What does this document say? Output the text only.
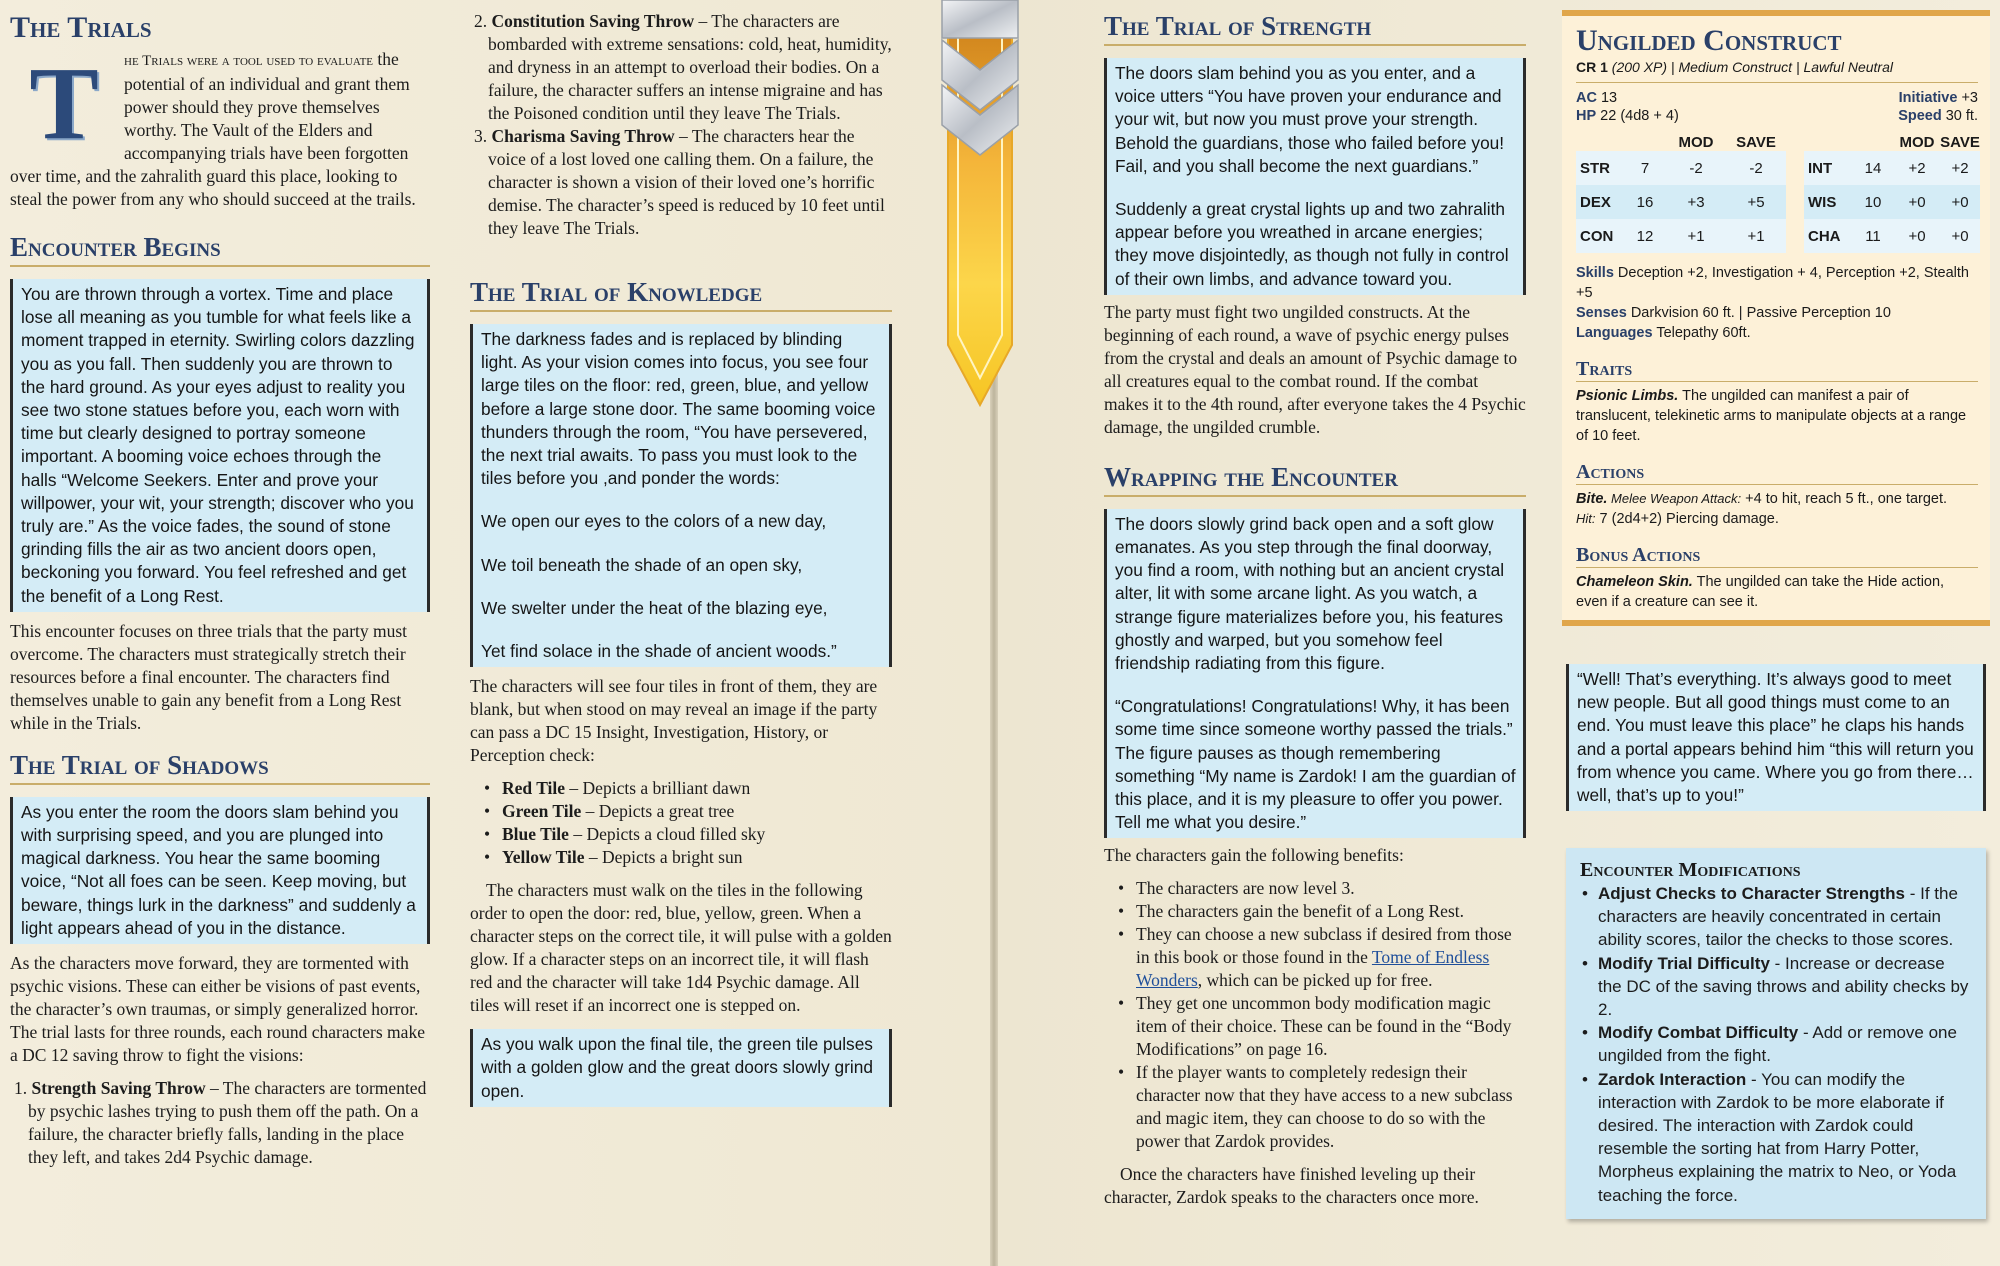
The Trials
T	he Trials were a tool used to evaluate the potential of an individual and grant them power should they prove themselves worthy. The Vault of the Elders and accompanying trials have been forgotten over time, and the zahralith guard this place, looking to steal the power from any who should succeed at the trails.
Encounter Begins

You are thrown through a vortex. Time and place lose all meaning as you tumble for what feels like a moment trapped in eternity. Swirling colors dazzling you as you fall. Then suddenly you are thrown to the hard ground. As your eyes adjust to reality you see two stone statues before you, each worn with time but clearly designed to portray someone important. A booming voice echoes through the halls “Welcome Seekers. Enter and prove your willpower, your wit, your strength; discover who you truly are.” As the voice fades, the sound of stone grinding fills the air as two ancient doors open, beckoning you forward. You feel refreshed and get the benefit of a Long Rest.

This encounter focuses on three trials that the party must overcome. The characters must strategically stretch their resources before a final encounter. The characters find themselves unable to gain any benefit from a Long Rest while in the Trials.

The Trial of Shadows

As you enter the room the doors slam behind you with surprising speed, and you are plunged into magical darkness. You hear the same booming voice, “Not all foes can be seen. Keep moving, but beware, things lurk in the darkness” and suddenly a light appears ahead of you in the distance.

As the characters move forward, they are tormented with psychic visions. These can either be visions of past events, the character’s own traumas, or simply generalized horror. The trial lasts for three rounds, each round characters make a DC 12 saving throw to fight the visions:

1. Strength Saving Throw – The characters are tormented by psychic lashes trying to push them off the path. On a failure, the character briefly falls, landing in the place they left, and takes 2d4 Psychic damage.
2. Constitution Saving Throw – The characters are bombarded with extreme sensations: cold, heat, humidity, and dryness in an attempt to overload their bodies. On a failure, the character suffers an intense migraine and has the Poisoned condition until they leave The Trials.
3. Charisma Saving Throw – The characters hear the voice of a lost loved one calling them. On a failure, the character is shown a vision of their loved one’s horrific demise. The character’s speed is reduced by 10 feet until they leave The Trials.
The Trial of Knowledge

The darkness fades and is replaced by blinding light. As your vision comes into focus, you see four large tiles on the floor: red, green, blue, and yellow before a large stone door. The same booming voice thunders through the room, “You have persevered, the next trial awaits. To pass you must look to the tiles before you ,and ponder the words:

We open our eyes to the colors of a new day,

We toil beneath the shade of an open sky,

We swelter under the heat of the blazing eye,

Yet find solace in the shade of ancient woods.”

The characters will see four tiles in front of them, they are blank, but when stood on may reveal an image if the party can pass a DC 15 Insight, Investigation, History, or Perception check:

• Red Tile – Depicts a brilliant dawn
• Green Tile – Depicts a great tree
• Blue Tile – Depicts a cloud filled sky
• Yellow Tile – Depicts a bright sun

The characters must walk on the tiles in the following order to open the door: red, blue, yellow, green. When a character steps on the correct tile, it will pulse with a golden glow. If a character steps on an incorrect tile, it will flash red and the character will take 1d4 Psychic damage. All tiles will reset if an incorrect one is stepped on.

As you walk upon the final tile, the green tile pulses with a golden glow and the great doors slowly grind open.

The Trial of Strength

The doors slam behind you as you enter, and a voice utters “You have proven your endurance and your wit, but now you must prove your strength. Behold the guardians, those who failed before you! Fail, and you shall become the next guardians.”

Suddenly a great crystal lights up and two zahralith appear before you wreathed in arcane energies; they move disjointedly, as though not fully in control of their own limbs, and advance toward you.

The party must fight two ungilded constructs. At the beginning of each round, a wave of psychic energy pulses from the crystal and deals an amount of Psychic damage to all creatures equal to the combat round. If the combat makes it to the 4th round, after everyone takes the 4 Psychic damage, the ungilded crumble.

Wrapping the Encounter

The doors slowly grind back open and a soft glow emanates. As you step through the final doorway, you find a room, with nothing but an ancient crystal alter, lit with some arcane light. As you watch, a strange figure materializes before you, his features ghostly and warped, but you somehow feel friendship radiating from this figure.

“Congratulations! Congratulations! Why, it has been some time since someone worthy passed the trials.” The figure pauses as though remembering something “My name is Zardok! I am the guardian of this place, and it is my pleasure to offer you power. Tell me what you desire.”

The characters gain the following benefits:

• The characters are now level 3.
• The characters gain the benefit of a Long Rest.
• They can choose a new subclass if desired from those in this book or those found in the Tome of Endless Wonders, which can be picked up for free.
• They get one uncommon body modification magic item of their choice. These can be found in the “Body Modifications” on page 16.
• If the player wants to completely redesign their character now that they have access to a new subclass and magic item, they can choose to do so with the power that Zardok provides.

Once the characters have finished leveling up their character, Zardok speaks to the characters once more.

Ungilded Construct
CR 1 (200 XP) | Medium Construct | Lawful Neutral
AC 13	Initiative +3
HP 22 (4d8 + 4)	Speed 30 ft.
MOD	SAVE
STR	7	-2	-2
DEX	16	+3	+5
CON	12	+1	+1
MOD SAVE
INT	14	+2	+2
WIS	10	+0	+0
CHA	11	+0	+0
Skills Deception +2, Investigation + 4, Perception +2, Stealth +5
Senses Darkvision 60 ft. | Passive Perception 10
Languages Telepathy 60ft.
Traits

Psionic Limbs. The ungilded can manifest a pair of translucent, telekinetic arms to manipulate objects at a range of 10 feet.

Actions

Bite. Melee Weapon Attack: +4 to hit, reach 5 ft., one target.
Hit: 7 (2d4+2) Piercing damage.

Bonus Actions

Chameleon Skin. The ungilded can take the Hide action, even if a creature can see it.

“Well! That’s everything. It’s always good to meet new people. But all good things must come to an end. You must leave this place” he claps his hands and a portal appears behind him “this will return you from whence you came. Where you go from there…well, that’s up to you!”

Encounter Modifications
• Adjust Checks to Character Strengths - If the characters are heavily concentrated in certain ability scores, tailor the checks to those scores.
• Modify Trial Difficulty - Increase or decrease the DC of the saving throws and ability checks by 2.
• Modify Combat Difficulty - Add or remove one ungilded from the fight.
• Zardok Interaction - You can modify the interaction with Zardok to be more elaborate if desired. The interaction with Zardok could resemble the sorting hat from Harry Potter, Morpheus explaining the matrix to Neo, or Yoda teaching the force.
